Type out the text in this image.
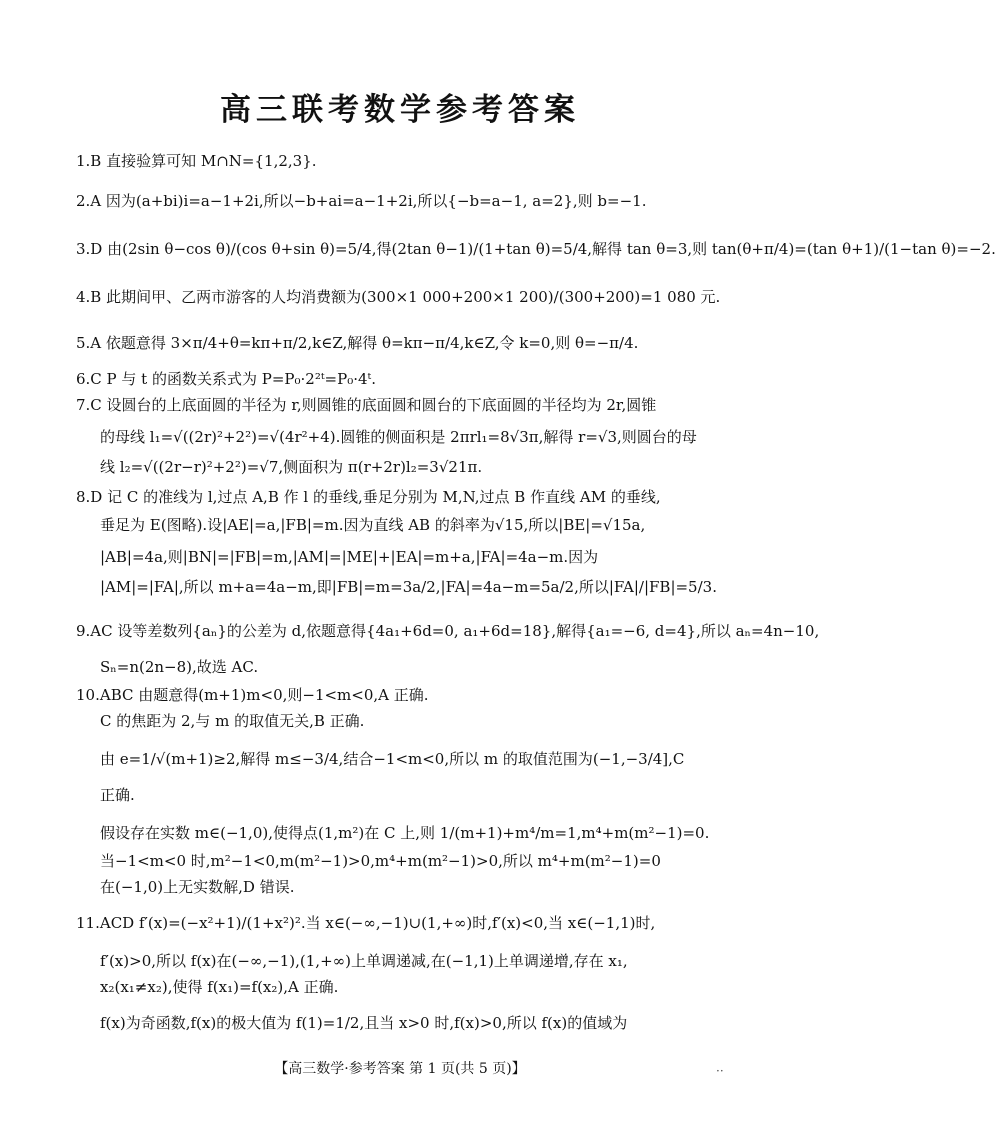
高三联考数学参考答案
1.B 直接验算可知 M∩N={1,2,3}.
2.A 因为(a+bi)i=a−1+2i,所以−b+ai=a−1+2i,所以{−b=a−1, a=2},则 b=−1.
3.D 由(2sin θ−cos θ)/(cos θ+sin θ)=5/4,得(2tan θ−1)/(1+tan θ)=5/4,解得 tan θ=3,则 tan(θ+π/4)=(tan θ+1)/(1−tan θ)=−2.
4.B 此期间甲、乙两市游客的人均消费额为(300×1 000+200×1 200)/(300+200)=1 080 元.
5.A 依题意得 3×π/4+θ=kπ+π/2,k∈Z,解得 θ=kπ−π/4,k∈Z,令 k=0,则 θ=−π/4.
6.C P 与 t 的函数关系式为 P=P₀·2²ᵗ=P₀·4ᵗ.
7.C 设圆台的上底面圆的半径为 r,则圆锥的底面圆和圆台的下底面圆的半径均为 2r,圆锥
的母线 l₁=√((2r)²+2²)=√(4r²+4).圆锥的侧面积是 2πrl₁=8√3π,解得 r=√3,则圆台的母
线 l₂=√((2r−r)²+2²)=√7,侧面积为 π(r+2r)l₂=3√21π.
8.D 记 C 的准线为 l,过点 A,B 作 l 的垂线,垂足分别为 M,N,过点 B 作直线 AM 的垂线,
垂足为 E(图略).设|AE|=a,|FB|=m.因为直线 AB 的斜率为√15,所以|BE|=√15a,
|AB|=4a,则|BN|=|FB|=m,|AM|=|ME|+|EA|=m+a,|FA|=4a−m.因为
|AM|=|FA|,所以 m+a=4a−m,即|FB|=m=3a/2,|FA|=4a−m=5a/2,所以|FA|/|FB|=5/3.
9.AC 设等差数列{aₙ}的公差为 d,依题意得{4a₁+6d=0, a₁+6d=18},解得{a₁=−6, d=4},所以 aₙ=4n−10,
Sₙ=n(2n−8),故选 AC.
10.ABC 由题意得(m+1)m<0,则−1<m<0,A 正确.
C 的焦距为 2,与 m 的取值无关,B 正确.
由 e=1/√(m+1)≥2,解得 m≤−3/4,结合−1<m<0,所以 m 的取值范围为(−1,−3/4],C
正确.
假设存在实数 m∈(−1,0),使得点(1,m²)在 C 上,则 1/(m+1)+m⁴/m=1,m⁴+m(m²−1)=0.
当−1<m<0 时,m²−1<0,m(m²−1)>0,m⁴+m(m²−1)>0,所以 m⁴+m(m²−1)=0
在(−1,0)上无实数解,D 错误.
11.ACD f′(x)=(−x²+1)/(1+x²)².当 x∈(−∞,−1)∪(1,+∞)时,f′(x)<0,当 x∈(−1,1)时,
f′(x)>0,所以 f(x)在(−∞,−1),(1,+∞)上单调递减,在(−1,1)上单调递增,存在 x₁,
x₂(x₁≠x₂),使得 f(x₁)=f(x₂),A 正确.
f(x)为奇函数,f(x)的极大值为 f(1)=1/2,且当 x>0 时,f(x)>0,所以 f(x)的值域为
【高三数学·参考答案 第 1 页(共 5 页)】	··
